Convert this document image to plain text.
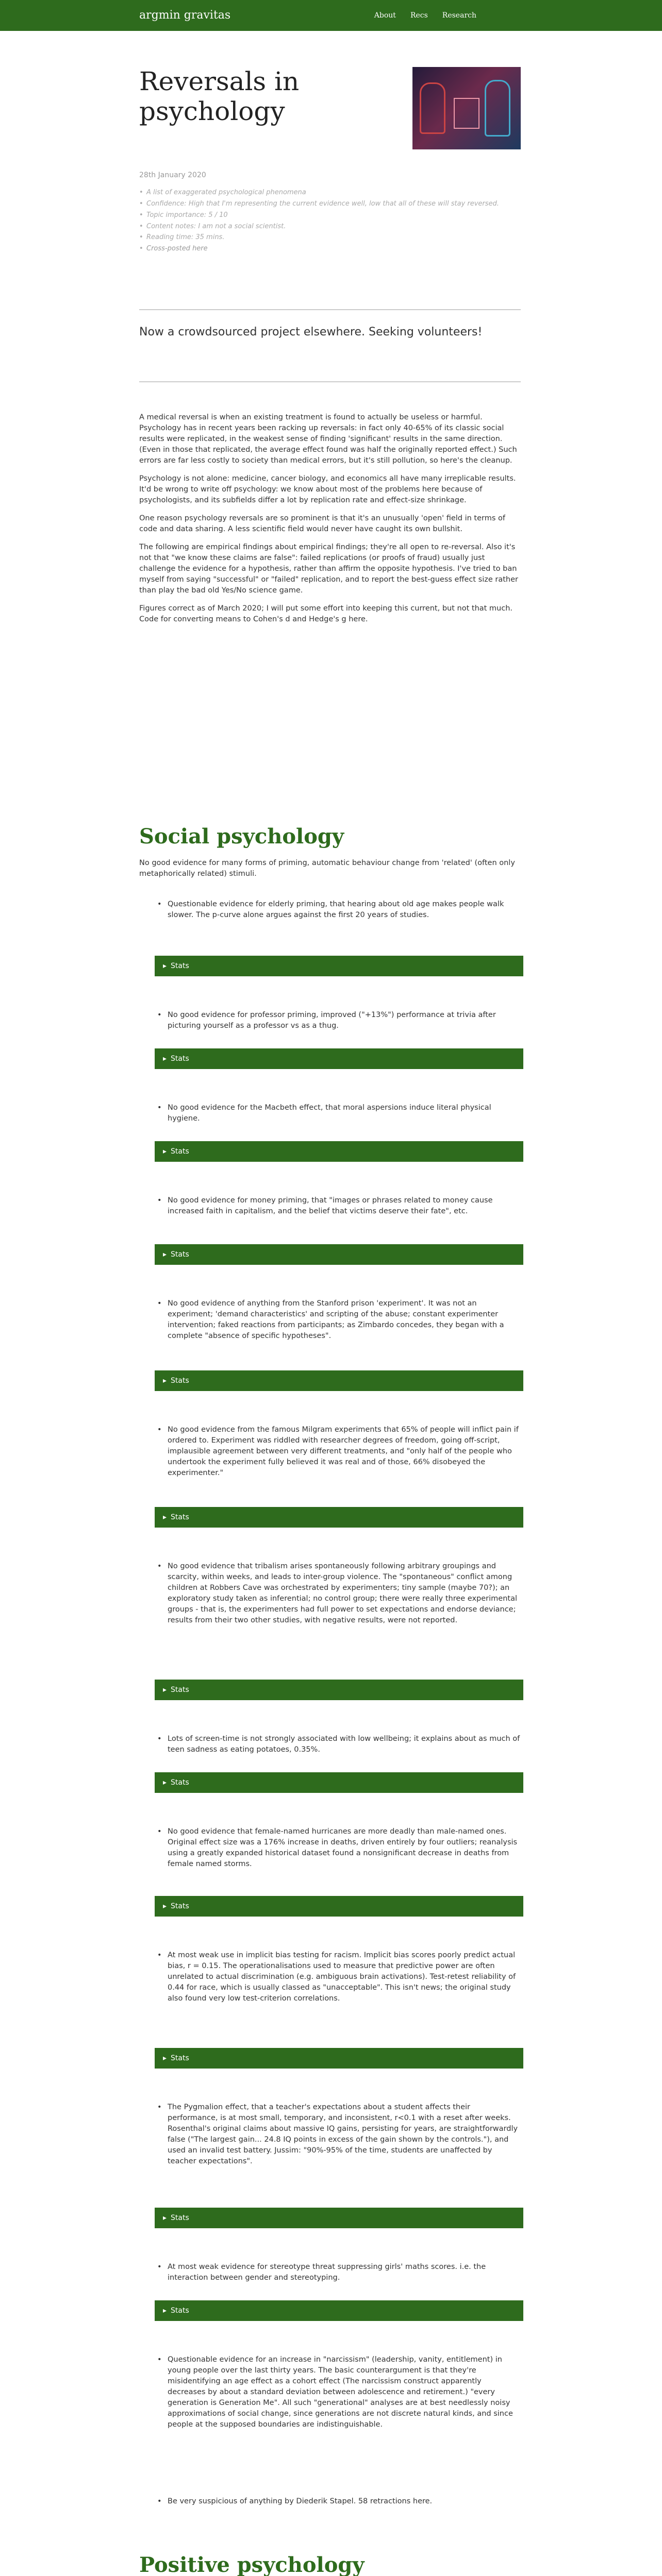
argmin gravitas	About Recs Research
Reversals in psychology
28th January 2020
• A list of exaggerated psychological phenomena
• Confidence: High that I'm representing the current evidence well, low that all of these will stay reversed.
• Topic importance: 5 / 10
• Content notes: I am not a social scientist.
• Reading time: 35 mins.
• Cross-posted here
Now a crowdsourced project elsewhere. Seeking volunteers!

A medical reversal is when an existing treatment is found to actually be useless or harmful. Psychology has in recent years been racking up reversals: in fact only 40-65% of its classic social results were replicated, in the weakest sense of finding 'significant' results in the same direction. (Even in those that replicated, the average effect found was half the originally reported effect.) Such errors are far less costly to society than medical errors, but it's still pollution, so here's the cleanup.

Psychology is not alone: medicine, cancer biology, and economics all have many irreplicable results. It'd be wrong to write off psychology: we know about most of the problems here because of psychologists, and its subfields differ a lot by replication rate and effect-size shrinkage.

One reason psychology reversals are so prominent is that it's an unusually 'open' field in terms of code and data sharing. A less scientific field would never have caught its own bullshit.

The following are empirical findings about empirical findings; they're all open to re-reversal. Also it's not that "we know these claims are false": failed replications (or proofs of fraud) usually just challenge the evidence for a hypothesis, rather than affirm the opposite hypothesis. I've tried to ban myself from saying "successful" or "failed" replication, and to report the best-guess effect size rather than play the bad old Yes/No science game.

Figures correct as of March 2020; I will put some effort into keeping this current, but not that much.

Code for converting means to Cohen's d and Hedge's g here.

Social psychology
No good evidence for many forms of priming, automatic behaviour change from 'related' (often only metaphorically related) stimuli.
• Questionable evidence for elderly priming, that hearing about old age makes people walk slower. The p-curve alone argues against the first 20 years of studies.
▸ Stats
• No good evidence for professor priming, improved ("+13%") performance at trivia after picturing yourself as a professor vs as a thug.
▸ Stats
• No good evidence for the Macbeth effect, that moral aspersions induce literal physical hygiene.
▸ Stats
• No good evidence for money priming, that "images or phrases related to money cause increased faith in capitalism, and the belief that victims deserve their fate", etc.
▸ Stats
• No good evidence of anything from the Stanford prison 'experiment'. It was not an experiment; 'demand characteristics' and scripting of the abuse; constant experimenter intervention; faked reactions from participants; as Zimbardo concedes, they began with a complete "absence of specific hypotheses".
▸ Stats
• No good evidence from the famous Milgram experiments that 65% of people will inflict pain if ordered to. Experiment was riddled with researcher degrees of freedom, going off-script, implausible agreement between very different treatments, and "only half of the people who undertook the experiment fully believed it was real and of those, 66% disobeyed the experimenter."
▸ Stats
• No good evidence that tribalism arises spontaneously following arbitrary groupings and scarcity, within weeks, and leads to inter-group violence. The "spontaneous" conflict among children at Robbers Cave was orchestrated by experimenters; tiny sample (maybe 70?); an exploratory study taken as inferential; no control group; there were really three experimental groups - that is, the experimenters had full power to set expectations and endorse deviance; results from their two other studies, with negative results, were not reported.
▸ Stats
• Lots of screen-time is not strongly associated with low wellbeing; it explains about as much of teen sadness as eating potatoes, 0.35%.
▸ Stats
• No good evidence that female-named hurricanes are more deadly than male-named ones. Original effect size was a 176% increase in deaths, driven entirely by four outliers; reanalysis using a greatly expanded historical dataset found a nonsignificant decrease in deaths from female named storms.
▸ Stats
• At most weak use in implicit bias testing for racism. Implicit bias scores poorly predict actual bias, r = 0.15. The operationalisations used to measure that predictive power are often unrelated to actual discrimination (e.g. ambiguous brain activations). Test-retest reliability of 0.44 for race, which is usually classed as "unacceptable". This isn't news; the original study also found very low test-criterion correlations.
▸ Stats
• The Pygmalion effect, that a teacher's expectations about a student affects their performance, is at most small, temporary, and inconsistent, r<0.1 with a reset after weeks. Rosenthal's original claims about massive IQ gains, persisting for years, are straightforwardly false ("The largest gain... 24.8 IQ points in excess of the gain shown by the controls."), and used an invalid test battery. Jussim: "90%-95% of the time, students are unaffected by teacher expectations".
▸ Stats
• At most weak evidence for stereotype threat suppressing girls' maths scores. i.e. the interaction between gender and stereotyping.
▸ Stats
• Questionable evidence for an increase in "narcissism" (leadership, vanity, entitlement) in young people over the last thirty years. The basic counterargument is that they're misidentifying an age effect as a cohort effect (The narcissism construct apparently decreases by about a standard deviation between adolescence and retirement.) "every generation is Generation Me". All such "generational" analyses are at best needlessly noisy approximations of social change, since generations are not discrete natural kinds, and since people at the supposed boundaries are indistinguishable.
• Be very suspicious of anything by Diederik Stapel. 58 retractions here.
Positive psychology
